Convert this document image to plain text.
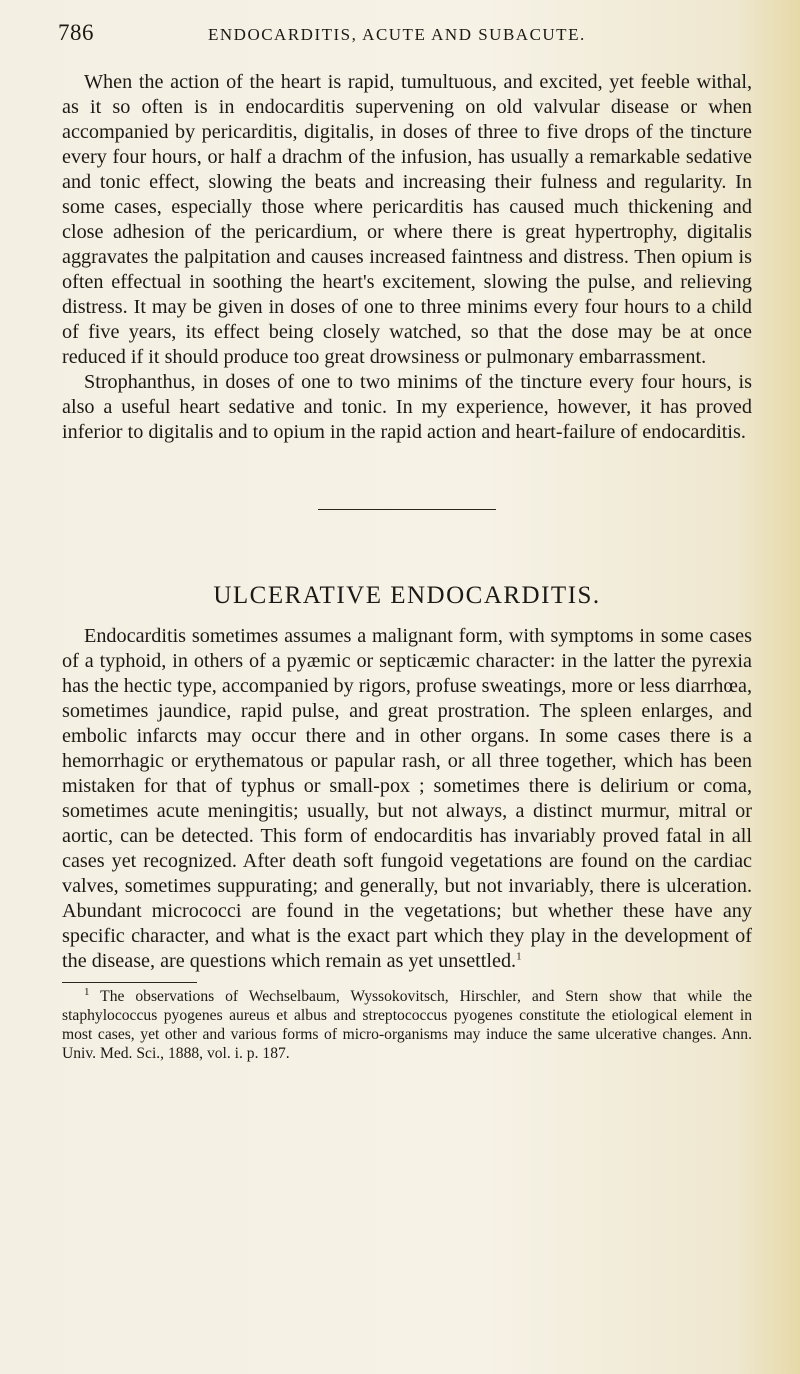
786	ENDOCARDITIS, ACUTE AND SUBACUTE.

When the action of the heart is rapid, tumultuous, and excited, yet feeble withal, as it so often is in endocarditis supervening on old valvular disease or when accompanied by pericarditis, digitalis, in doses of three to five drops of the tincture every four hours, or half a drachm of the infusion, has usually a remarkable sedative and tonic effect, slowing the beats and increasing their fulness and regularity. In some cases, especially those where pericarditis has caused much thickening and close adhesion of the pericardium, or where there is great hypertrophy, digitalis aggravates the palpitation and causes increased faintness and distress. Then opium is often effectual in soothing the heart's excitement, slowing the pulse, and relieving distress. It may be given in doses of one to three minims every four hours to a child of five years, its effect being closely watched, so that the dose may be at once reduced if it should produce too great drowsiness or pulmonary embarrassment.

Strophanthus, in doses of one to two minims of the tincture every four hours, is also a useful heart sedative and tonic. In my experience, however, it has proved inferior to digitalis and to opium in the rapid action and heart-failure of endocarditis.

ULCERATIVE ENDOCARDITIS.

Endocarditis sometimes assumes a malignant form, with symptoms in some cases of a typhoid, in others of a pyæmic or septicæmic character: in the latter the pyrexia has the hectic type, accompanied by rigors, profuse sweatings, more or less diarrhœa, sometimes jaundice, rapid pulse, and great prostration. The spleen enlarges, and embolic infarcts may occur there and in other organs. In some cases there is a hemorrhagic or erythematous or papular rash, or all three together, which has been mistaken for that of typhus or small-pox ; sometimes there is delirium or coma, sometimes acute meningitis; usually, but not always, a distinct murmur, mitral or aortic, can be detected. This form of endocarditis has invariably proved fatal in all cases yet recognized. After death soft fungoid vegetations are found on the cardiac valves, sometimes suppurating; and generally, but not invariably, there is ulceration. Abundant micrococci are found in the vegetations; but whether these have any specific character, and what is the exact part which they play in the development of the disease, are questions which remain as yet unsettled.$^1$

$^1$ The observations of Wechselbaum, Wyssokovitsch, Hirschler, and Stern show that while the staphylococcus pyogenes aureus et albus and streptococcus pyogenes constitute the etiological element in most cases, yet other and various forms of micro-organisms may induce the same ulcerative changes. Ann. Univ. Med. Sci., 1888, vol. i. p. 187.
